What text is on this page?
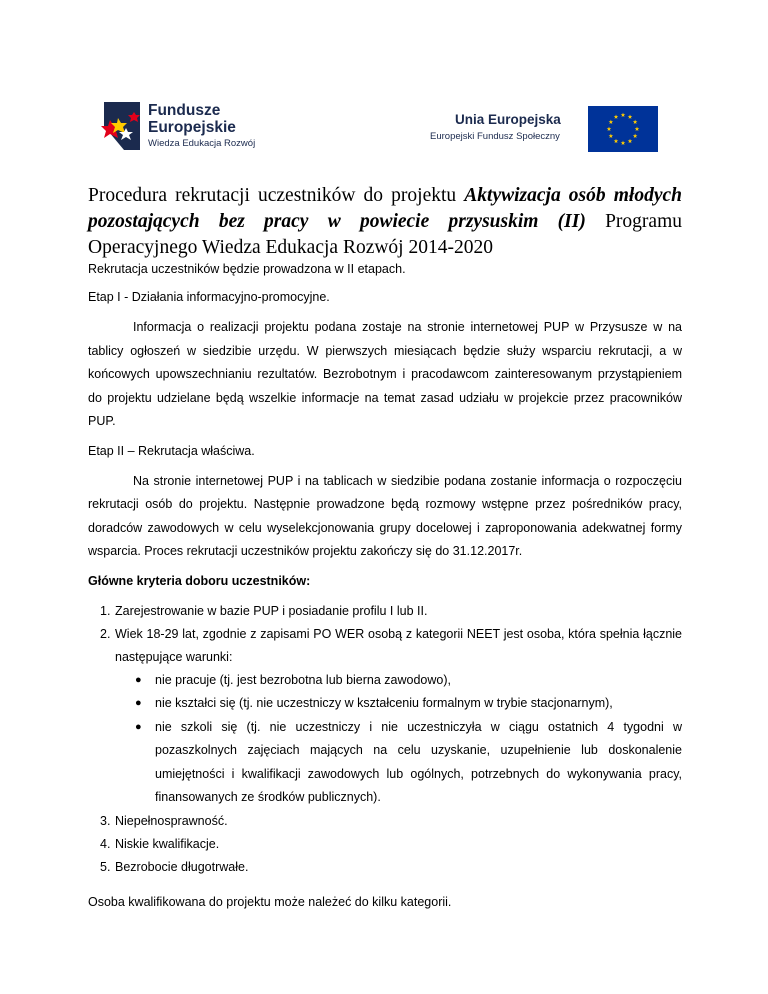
Fundusze
Europejskie
Wiedza Edukacja Rozwój
Unia Europejska
Europejski Fundusz Społeczny
Procedura rekrutacji uczestników do projektu Aktywizacja osób młodych pozostających bez pracy w powiecie przysuskim (II) Programu Operacyjnego Wiedza Edukacja Rozwój 2014-2020

Rekrutacja uczestników będzie prowadzona w II etapach.

Etap I - Działania informacyjno-promocyjne.

Informacja o realizacji projektu podana zostaje na stronie internetowej PUP w Przysusze w na tablicy ogłoszeń w siedzibie urzędu. W pierwszych miesiącach będzie służy wsparciu rekrutacji, a w końcowych upowszechnianiu rezultatów. Bezrobotnym i pracodawcom zainteresowanym przystąpieniem do projektu udzielane będą wszelkie informacje na temat zasad udziału w projekcie przez pracowników PUP.

Etap II – Rekrutacja właściwa.

Na stronie internetowej PUP i na tablicach w siedzibie podana zostanie informacja o rozpoczęciu rekrutacji osób do projektu. Następnie prowadzone będą rozmowy wstępne przez pośredników pracy, doradców zawodowych w celu wyselekcjonowania grupy docelowej i zaproponowania adekwatnej formy wsparcia. Proces rekrutacji uczestników projektu zakończy się do 31.12.2017r.

Główne kryteria doboru uczestników:

1. Zarejestrowanie w bazie PUP i posiadanie profilu I lub II.
2. Wiek 18-29 lat, zgodnie z zapisami PO WER osobą z kategorii NEET jest osoba, która spełnia łącznie następujące warunki:
● nie pracuje (tj. jest bezrobotna lub bierna zawodowo),
● nie kształci się (tj. nie uczestniczy w kształceniu formalnym w trybie stacjonarnym),
● nie szkoli się (tj. nie uczestniczy i nie uczestniczyła w ciągu ostatnich 4 tygodni w pozaszkolnych zajęciach mających na celu uzyskanie, uzupełnienie lub doskonalenie umiejętności i kwalifikacji zawodowych lub ogólnych, potrzebnych do wykonywania pracy, finansowanych ze środków publicznych).
3. Niepełnosprawność.
4. Niskie kwalifikacje.
5. Bezrobocie długotrwałe.

Osoba kwalifikowana do projektu może należeć do kilku kategorii.
